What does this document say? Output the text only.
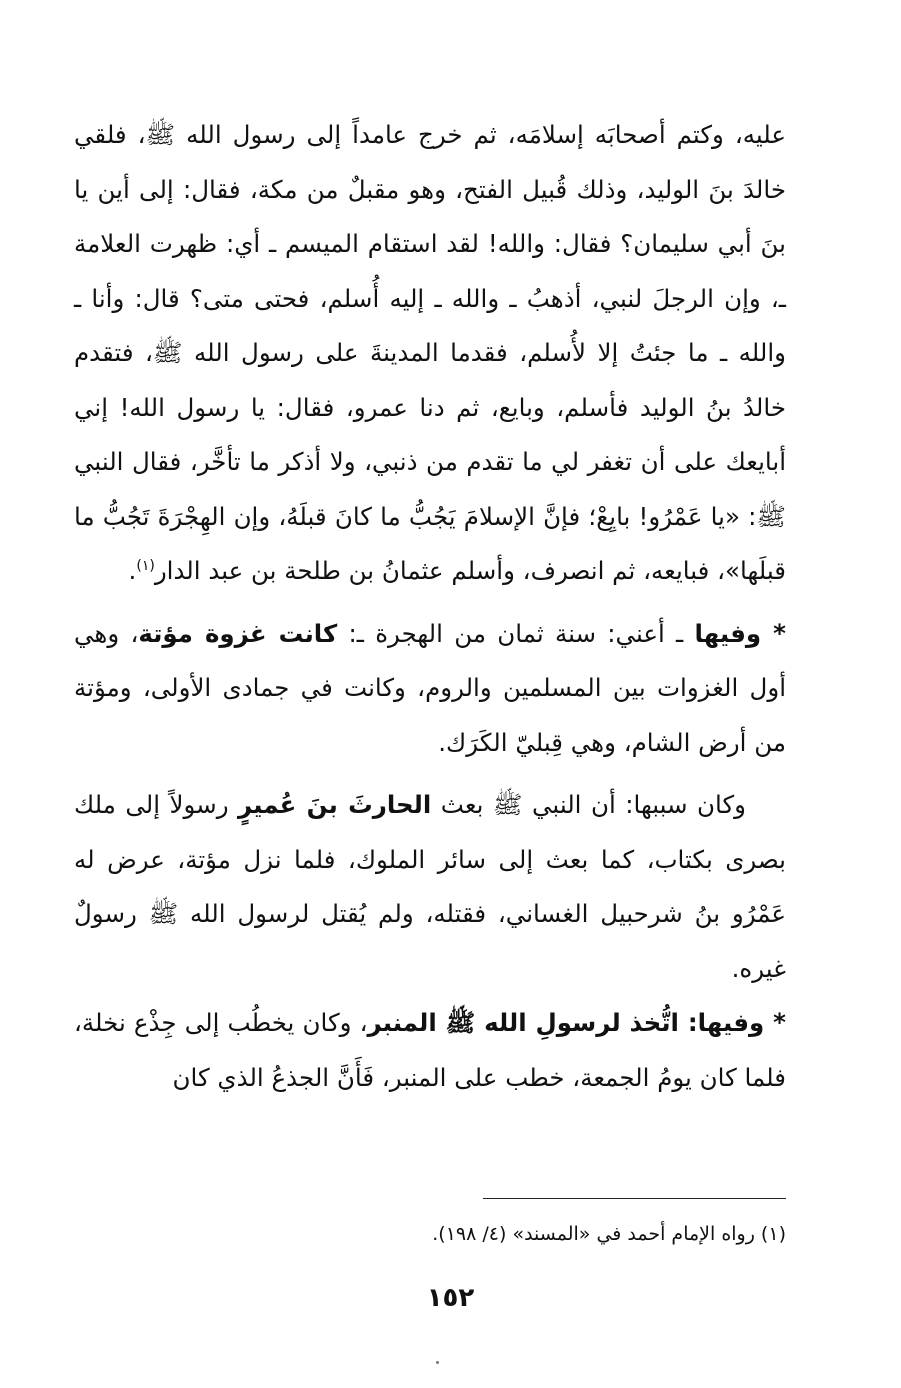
عليه، وكتم أصحابَه إسلامَه، ثم خرج عامداً إلى رسول الله ﷺ، فلقي خالدَ بنَ الوليد، وذلك قُبيل الفتح، وهو مقبلٌ من مكة، فقال: إلى أين يا بنَ أبي سليمان؟ فقال: والله! لقد استقام الميسم ـ أي: ظهرت العلامة ـ، وإن الرجلَ لنبي، أذهبُ ـ والله ـ إليه أُسلم، فحتى متى؟ قال: وأنا ـ والله ـ ما جئتُ إلا لأُسلم، فقدما المدينةَ على رسول الله ﷺ، فتقدم خالدُ بنُ الوليد فأسلم، وبايع، ثم دنا عمرو، فقال: يا رسول الله! إني أبايعك على أن تغفر لي ما تقدم من ذنبي، ولا أذكر ما تأخَّر، فقال النبي ﷺ: «يا عَمْرُو! بايِعْ؛ فإنَّ الإسلامَ يَجُبُّ ما كانَ قبلَهُ، وإن الهِجْرَةَ تَجُبُّ ما قبلَها»، فبايعه، ثم انصرف، وأسلم عثمانُ بن طلحة بن عبد الدار$^{(١)}$.

* وفيها ـ أعني: سنة ثمان من الهجرة ـ: كانت غزوة مؤتة، وهي أول الغزوات بين المسلمين والروم، وكانت في جمادى الأولى، ومؤتة من أرض الشام، وهي قِبليّ الكَرَك.

وكان سببها: أن النبي ﷺ بعث الحارثَ بنَ عُميرٍ رسولاً إلى ملك بصرى بكتاب، كما بعث إلى سائر الملوك، فلما نزل مؤتة، عرض له عَمْرُو بنُ شرحبيل الغساني، فقتله، ولم يُقتل لرسول الله ﷺ رسولٌ غيره.

* وفيها: اتُّخذ لرسولِ الله ﷺ المنبر، وكان يخطُب إلى جِذْع نخلة، فلما كان يومُ الجمعة، خطب على المنبر، فَأَنَّ الجذعُ الذي كان

(١) رواه الإمام أحمد في «المسند» (٤/ ١٩٨).
١٥٢
